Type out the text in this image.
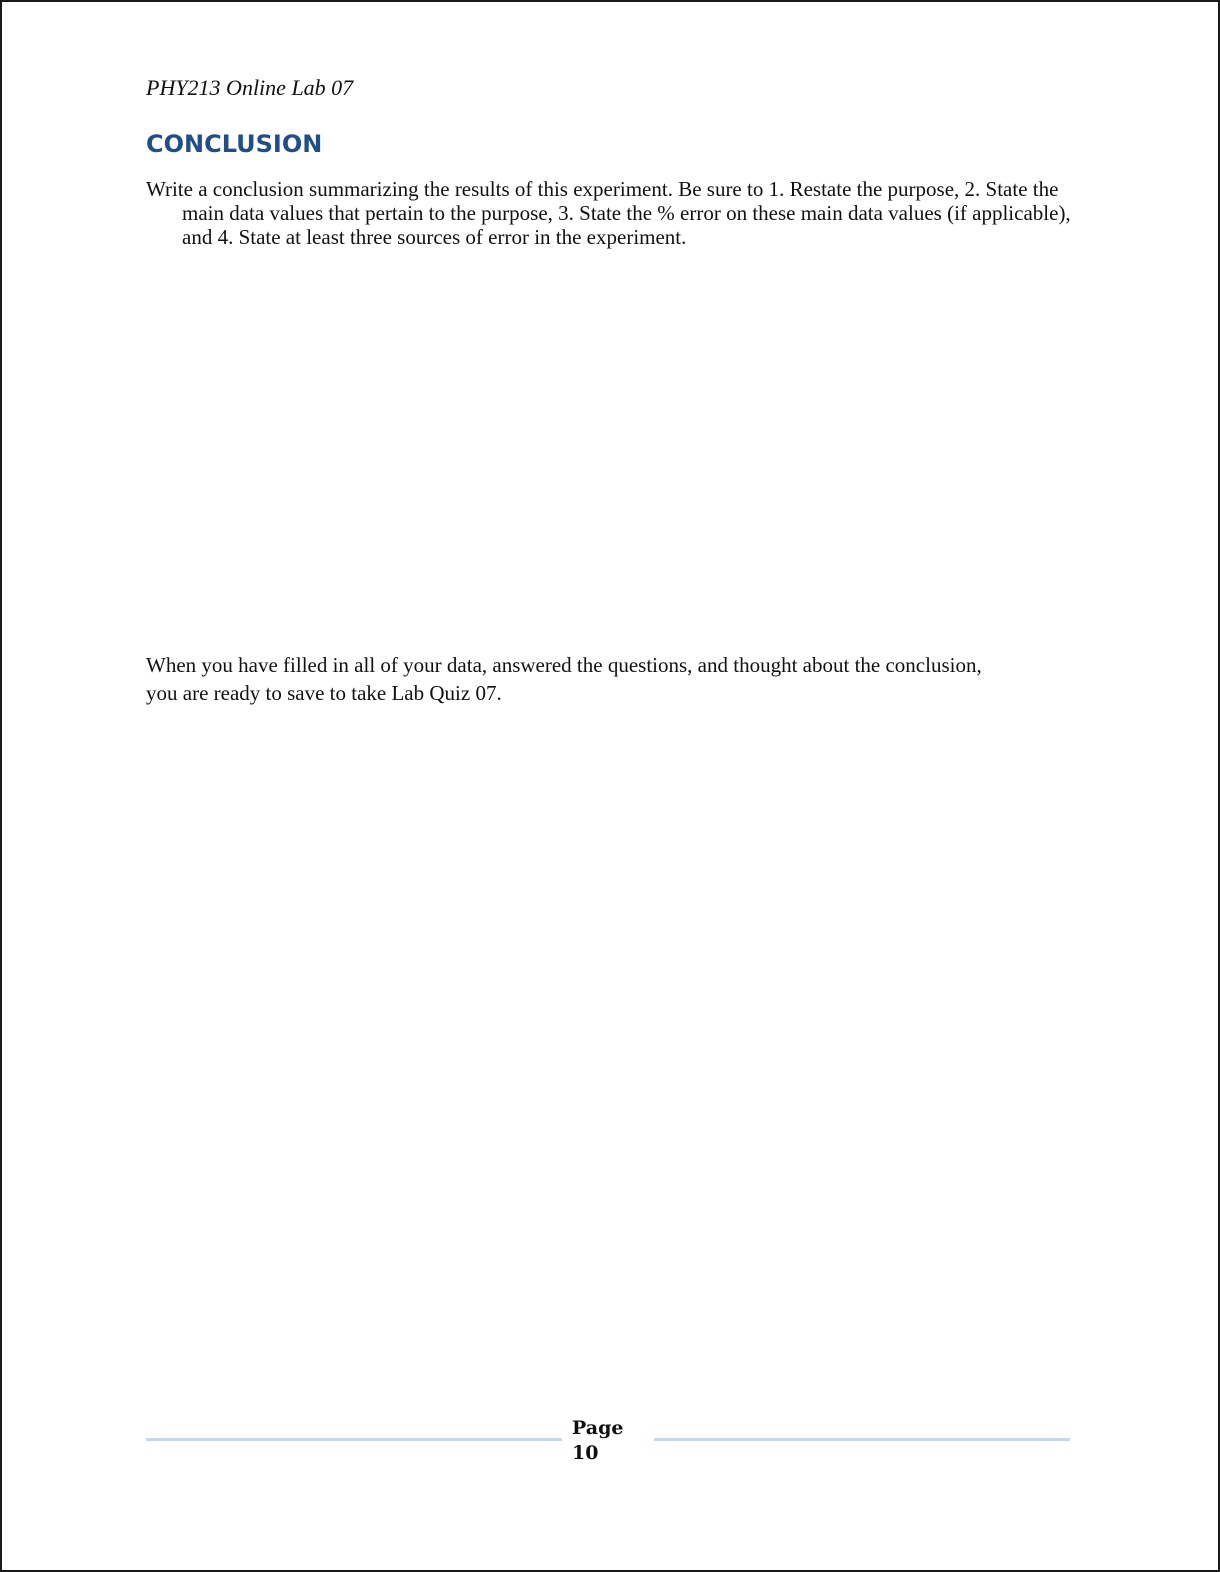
PHY213 Online Lab 07
CONCLUSION

Write a conclusion summarizing the results of this experiment. Be sure to 1. Restate the purpose, 2. State the main data values that pertain to the purpose, 3. State the % error on these main data values (if applicable), and 4. State at least three sources of error in the experiment.

When you have filled in all of your data, answered the questions, and thought about the conclusion, you are ready to save to take Lab Quiz 07.

Page
10
